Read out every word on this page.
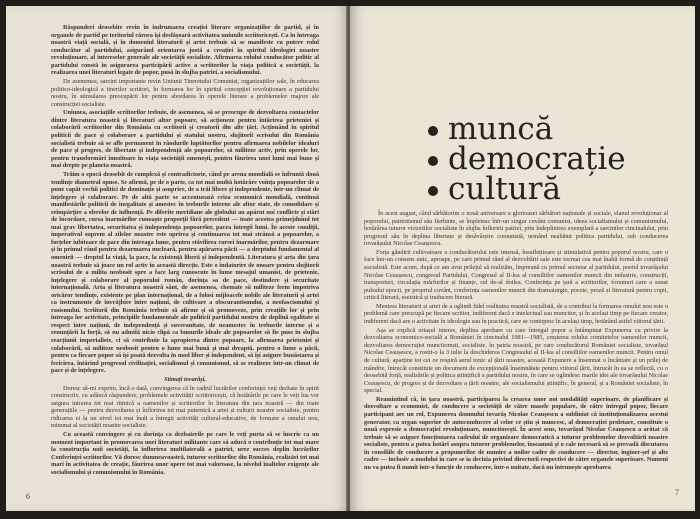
Răspunderi deosebite revin în îndrumarea creației literare organizațiilor de partid, și în organele de partid pe teritoriul cărora își desfășoară activitatea uniunile scriitoricești. Ca în întreaga noastră viață socială, și în domeniul literaturii și artei trebuie să se manifeste cu putere rolul conducător al partidului, asigurând orientarea justă a creației în spiritul ideologiei noastre revoluționare, al intereselor generale ale societății socialiste. Afirmarea rolului conducător politic al partidului constă în asigurarea participării active a scriitorilor la viața politică a societății, la realizarea unei literaturi legate de popor, pusă în slujba patriei, a socialismului.

De asemenea, sarcini importante revin Uniunii Tineretului Comunist, organizațiilor sale, în educarea politico-ideologică a tinerilor scriitori, în formarea lor în spiritul concepției revoluționare a partidului nostru, în stimularea preocupării lor pentru abordarea în operele literare a problemelor majore ale construcției socialiste.

Uniunea, asociațiile scriitorilor trebuie, de asemenea, să se preocupe de dezvoltarea contactelor dintre literatura noastră și literaturi altor popoare, să acționeze pentru întărirea prieteniei și colaborării scriitorilor din România cu scriitorii și creatorii din alte țări. Acționând în spiritul politicii de pace și colaborare a partidului și statului nostru, slujitorii scrisului din România socialistă trebuie să se afle permanent în rândurile luptătorilor pentru afirmarea nobilelor idealuri de pace și progres, de libertate și independență ale popoarelor, să militeze activ, prin operele lor, pentru transformări înnoitoare în viața societății omenești, pentru făurirea unei lumi mai bune și mai drepte pe planeta noastră.

Trăim o epocă deosebit de complexă și contradictorie, când pe arena mondială se înfruntă două tendințe diametral opuse. Se afirmă, pe de o parte, ca tot mai multă hotărâre voința popoarelor de a pune capăt vechii politici de dominație și asuprire, de a trăi libere și independente, într-un climat de înțelegere și colaborare. Pe de altă parte se accentuează criza economică mondială, continuă manifestările politicii de inegalitate și amestec în treburile interne ale altor state, de consolidare și reîmpărțire a sferelor de influență. Pe diferite meridiane ale globului au apărut noi conflicte și stări de încordare, cursa înarmărilor cunoaște proporții fără precedent — toate acestea primejduind tot mai grav libertatea, securitatea și independența popoarelor, pacea întregii lumi. În aceste condiții, imperativul suprem al zilelor noastre este oprirea și continuarea tot mai strânsă a popoarelor, a forțelor iubitoare de pace din întreaga lume, pentru stăvilirea cursei înarmărilor, pentru dezarmare și în primul rând pentru dezarmarea nucleară, pentru apărarea păcii — a dreptului fundamental al omenirii — dreptul la viață, la pace, la existență liberă și independentă. Literatura și arta din țara noastră trebuie să joace un rol activ în această direcție. Este o îndatorire de onoare pentru slujitorii scrisului de a milita neobosit spre a face larg cunoscute în lume mesajul umanist, de prietenie, înțelegere și colaborare al poporului român, dorința sa de pace, destindere și securitate internațională. Arta și literatura noastră sânt, de asemenea, chemate să militeze ferm împotriva oricăror tendințe, existente pe plan internațional, de a folosi mijloacele nobile ale literaturii și artei ca instrumente de învrăjbire între națiuni, de cultivare a obscurantismului, a neofascismului și rasismului. Scriitorii din România trebuie să afirme și să promoveze, prin creațiile lor și prin întreaga lor activitate, principiile fundamentale ale politicii partidului nostru de deplină egalitate și respect între națiuni, de independență și suveranitate, de neamestec în treburile interne și a renunțării la forță, să nu admită nicio clipă ca bunurile ideale ale popoarelor să fie puse în slujba reacțiunii imperialiste, ci să contribuie la apropierea dintre popoare, la afirmarea prieteniei și colaborării, să militeze neobosit pentru o lume mai bună și mai dreaptă, pentru o lume a păcii, pentru ca fiecare popor să își poată dezvolta în mod liber și independent, să își asigure bunăstarea și fericirea, întărind progresul civilizației, socialismul și comunismul, să se realizeze într-un climat de pace și de înțelegere.

Stimați tovarăși,

Doresc să-mi exprim, încă o dată, convingerea că în cadrul lucrărilor conferinței veți dezbate în spirit constructiv, cu adâncă răspundere, problemele activității scriitoricești, că hotărârile pe care le veți lua vor asigura intrarea tot mai ritmică a oamenilor și scriitorilor în literatura din țara noastră — din toate generațiile — pentru dezvoltarea și înflorirea tot mai puternică a artei și culturii noastre socialiste, pentru ridicarea ei la un nivel tot mai înalt a întregii activități cultural-educative, de formare a omului nou, minunat al societății noastre socialiste.

Cu această convingere și cu dorința ca dezbaterile pe care le veți purta să se înscrie ca un moment important în promovarea unei literaturi militante care să aducă o contribuție tot mai mare la construcția noii societăți, la înflorirea multilaterală a patriei, urez succes deplin lucrărilor Conferinței scriitorilor. Vă doresc dumneavoastră, tuturor scriitorilor din România, realizări tot mai mari în activitatea de creație, făurirea unor opere tot mai valoroase, la nivelul înaltelor exigențe ale socialismului și comunismului în România.

6
muncă
democrație
cultură

În acest august, când sărbătorim o nouă aniversare a glorioasei sărbători naționale și sociale, elanul revoluționar al poporului, patriotismul său fierbinte, se împletesc într-un singur cuvânt comunist, ideea socialismului și comunismului, hotărârea tuturor victoriilor socialiste în slujba înfloririi patriei, prin îndeplinirea exemplară a sarcinilor cincinalului, prin progresul său în deplina libertate și desăvârșire comunistă, urmând neabătut politica partidului, sub conducerea tovarășului Nicolae Ceaușescu.

Forța gândirii cultivatoare a conducătorului este imensă, însuflețitoare și stimulativă pentru poporul nostru, care o face într-un consens unic, aproape, pe care primul rând al dezvoltării sale este tocmai cea mai înaltă formă de conștiință socialistă. Este acum, după ce am avut prilejul să realizăm, împreună cu primul secretar al partidului, poetul tovarășului Nicolae Ceaușescu, congresul Partidului, Congresul al II-lea al consiliilor oamenilor muncii din industrie, construcții, transporturi, circulația mărfurilor și finanțe, cel de-al doilea. Conferința pe țară a scriitorilor, forumuri care a sunat pulsului epocii, pe propriul cuvânt, conferința oamenilor muncii din dramaturgie, poezie, proză și literatură pentru copii, critică literară, eseistică și traducere literară.

Menirea literaturii și artei de a oglindi fidel realitatea noastră socialistă, de a contribui la formarea omului nou este o problemă care preocupă pe fiecare scriitor, indiferent dacă e intelectual sau muncitor, și în același timp pe fiecare creator, indiferent dacă are o activitate în ideologie sau în practică, care se contopesc în același timp, hotărând astfel viitorul țării.

Așa se explică uriașul interes, deplina aprobare cu care întregul popor a întâmpinat Expunerea cu privire la dezvoltarea economico-socială a României în cincinalul 1981—1985, creșterea rolului comitetelor oamenilor muncii, dezvoltarea democrației muncitorești, socialiste, în patria noastră, pe care conducătorul României socialiste, tovarășul Nicolae Ceaușescu, a rostit-o la 3 iulie la deschiderea Congresului al II-lea al consiliilor oamenilor muncii. Pentru omul de cultură, aparține tot cei ce respiră aerul tonic al țării noastre, această Expunere a însemnat o încântare și un prilej de mândrie, întrucât constituie un document de excepțională însemnătate pentru viitorul țării, întrucât în ea se reflectă, cu o deosebită forță, realizările și politica științifică a partidului nostru, în care se oglindesc marile idei ale tovarășului Nicolae Ceaușescu, de progres și de dezvoltare a țării noastre, ale socialismului științific, în general, și a României socialiste, în special.

Reamintind că, în țara noastră, participarea la crearea unor noi modalități superioare, de planificare și dezvoltare a economiei, de conducere a societății de către masele populare, de către întregul popor, fiecare participant are un rol, Expunerea domnului tovarăș Nicolae Ceaușescu a subliniat că instituționalizarea acestui generator, ca organ superior de autoconducere al celor ce știu și muncesc, al democrației proletare, constituie o nouă expresie a democrației revoluționare, muncitorești. În acest sens, tovarășul Nicolae Ceaușescu a arătat că trebuie să se asigure funcționarea cadrului de organizare democratică a tuturor problemelor dezvoltării noastre socialiste, pentru a putea hotărî asupra tuturor problemelor, înseamnă și o cale necesară să se prevadă discutarea în consiliile de conducere a propunerilor de numire a noilor cadre de conducere — director, inginer-șef și alte cadre — inclusiv a modului în care se ia decizia privind directorii respectivi de către organele superioare. Numeni nu va putea fi numit într-o funcție de conducere, într-o unitate, dacă nu întrunește aprobarea

7
